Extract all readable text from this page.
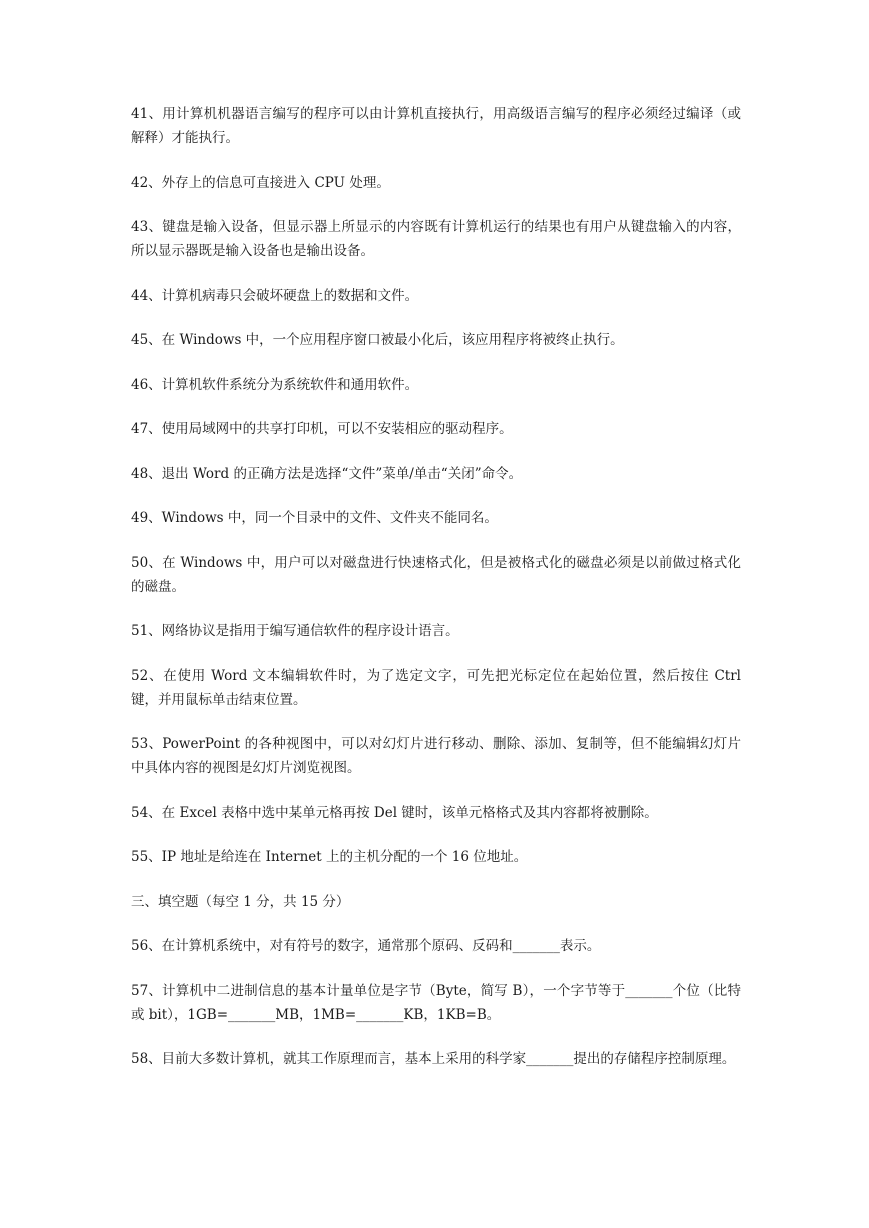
41、用计算机机器语言编写的程序可以由计算机直接执行，用高级语言编写的程序必须经过编译（或解释）才能执行。

42、外存上的信息可直接进入 CPU 处理。

43、键盘是输入设备，但显示器上所显示的内容既有计算机运行的结果也有用户从键盘输入的内容，所以显示器既是输入设备也是输出设备。

44、计算机病毒只会破坏硬盘上的数据和文件。

45、在 Windows 中，一个应用程序窗口被最小化后，该应用程序将被终止执行。

46、计算机软件系统分为系统软件和通用软件。

47、使用局域网中的共享打印机，可以不安装相应的驱动程序。

48、退出 Word 的正确方法是选择“文件”菜单/单击“关闭”命令。

49、Windows 中，同一个目录中的文件、文件夹不能同名。

50、在 Windows 中，用户可以对磁盘进行快速格式化，但是被格式化的磁盘必须是以前做过格式化的磁盘。

51、网络协议是指用于编写通信软件的程序设计语言。

52、在使用 Word 文本编辑软件时，为了选定文字，可先把光标定位在起始位置，然后按住 Ctrl 键，并用鼠标单击结束位置。

53、PowerPoint 的各种视图中，可以对幻灯片进行移动、删除、添加、复制等，但不能编辑幻灯片中具体内容的视图是幻灯片浏览视图。

54、在 Excel 表格中选中某单元格再按 Del 键时，该单元格格式及其内容都将被删除。

55、IP 地址是给连在 Internet 上的主机分配的一个 16 位地址。

三、填空题（每空 1 分，共 15 分）

56、在计算机系统中，对有符号的数字，通常那个原码、反码和_______表示。

57、计算机中二进制信息的基本计量单位是字节（Byte，简写 B），一个字节等于_______个位（比特或 bit），1GB=_______MB，1MB=_______KB，1KB=B。

58、目前大多数计算机，就其工作原理而言，基本上采用的科学家_______提出的存储程序控制原理。
